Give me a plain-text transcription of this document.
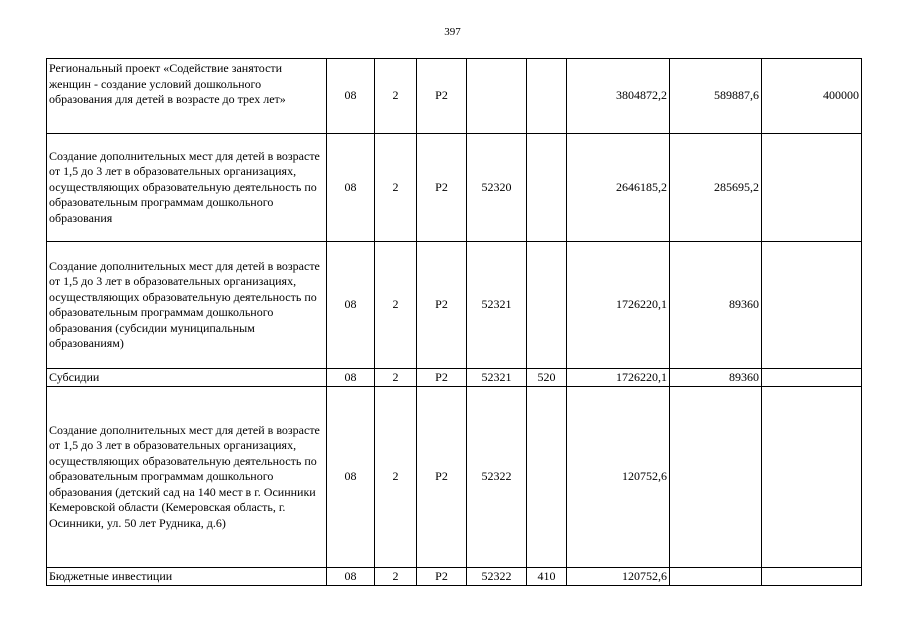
397
Региональный проект «Содействие занятости женщин - создание условий дошкольного образования для детей в возрасте до трех лет»	08	2	P2			3804872,2	589887,6	400000
Создание дополнительных мест для детей в возрасте от 1,5 до 3 лет в образовательных организациях, осуществляющих образовательную деятельность по образовательным программам дошкольного образования	08	2	P2	52320		2646185,2	285695,2	
Создание дополнительных мест для детей в возрасте от 1,5 до 3 лет в образовательных организациях, осуществляющих образовательную деятельность по образовательным программам дошкольного образования (субсидии муниципальным образованиям)	08	2	P2	52321		1726220,1	89360	
Субсидии	08	2	P2	52321	520	1726220,1	89360	
Создание дополнительных мест для детей в возрасте от 1,5 до 3 лет в образовательных организациях, осуществляющих образовательную деятельность по образовательным программам дошкольного образования (детский сад на 140 мест в г. Осинники Кемеровской области (Кемеровская область, г. Осинники, ул. 50 лет Рудника, д.6)	08	2	P2	52322		120752,6		
Бюджетные инвестиции	08	2	P2	52322	410	120752,6		
